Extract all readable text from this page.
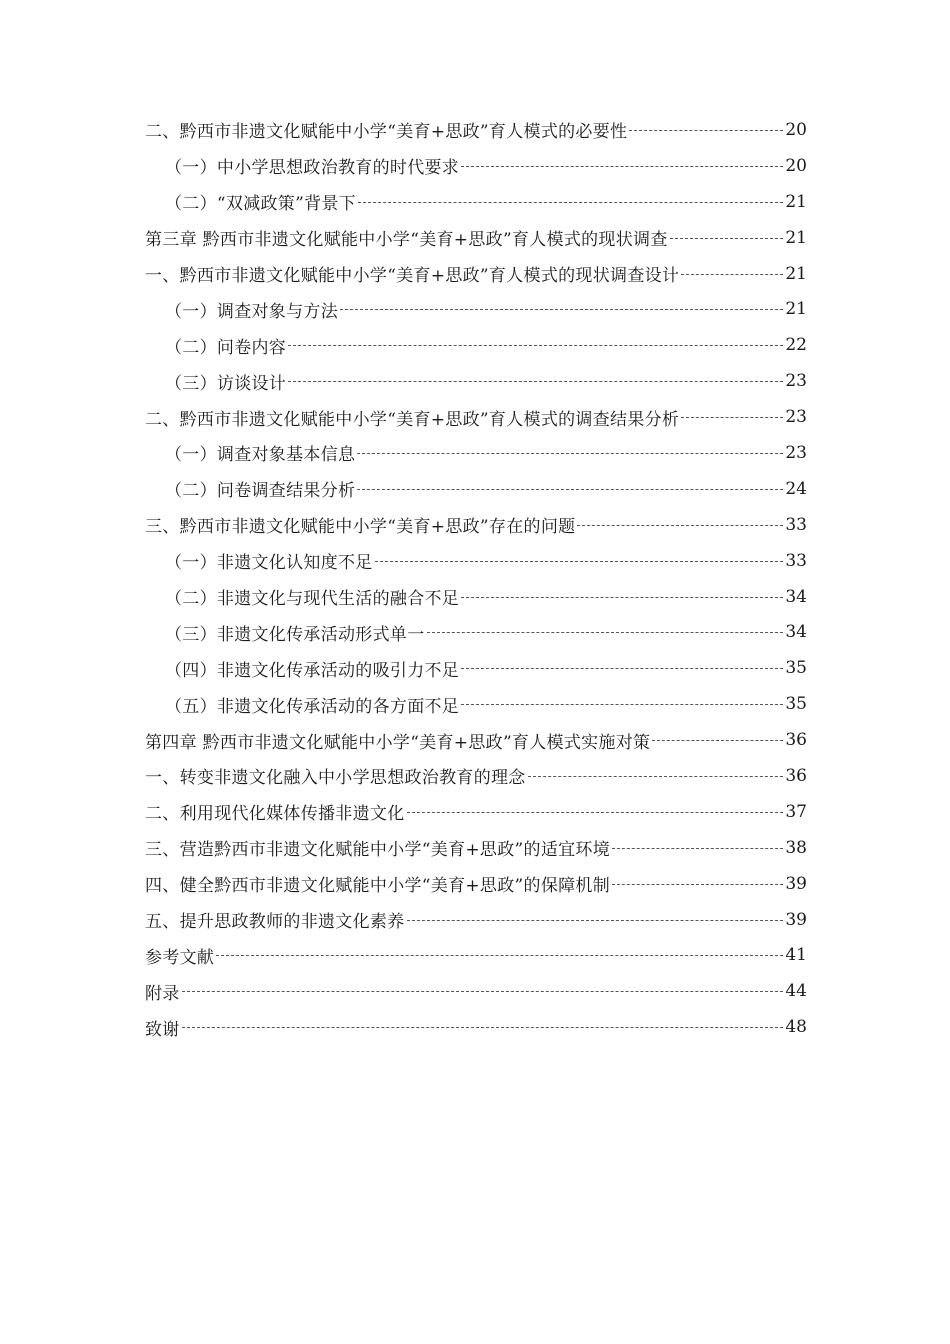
二、黔西市非遗文化赋能中小学“美育+思政”育人模式的必要性	20
（一）中小学思想政治教育的时代要求	20
（二）“双减政策”背景下	21
第三章 黔西市非遗文化赋能中小学“美育+思政”育人模式的现状调查	21
一、黔西市非遗文化赋能中小学“美育+思政”育人模式的现状调查设计	21
（一）调查对象与方法	21
（二）问卷内容	22
（三）访谈设计	23
二、黔西市非遗文化赋能中小学“美育+思政”育人模式的调查结果分析	23
（一）调查对象基本信息	23
（二）问卷调查结果分析	24
三、黔西市非遗文化赋能中小学“美育+思政”存在的问题	33
（一）非遗文化认知度不足	33
（二）非遗文化与现代生活的融合不足	34
（三）非遗文化传承活动形式单一	34
（四）非遗文化传承活动的吸引力不足	35
（五）非遗文化传承活动的各方面不足	35
第四章 黔西市非遗文化赋能中小学“美育+思政”育人模式实施对策	36
一、转变非遗文化融入中小学思想政治教育的理念	36
二、利用现代化媒体传播非遗文化	37
三、营造黔西市非遗文化赋能中小学“美育+思政”的适宜环境	38
四、健全黔西市非遗文化赋能中小学“美育+思政”的保障机制	39
五、提升思政教师的非遗文化素养	39
参考文献	41
附录	44
致谢	48
